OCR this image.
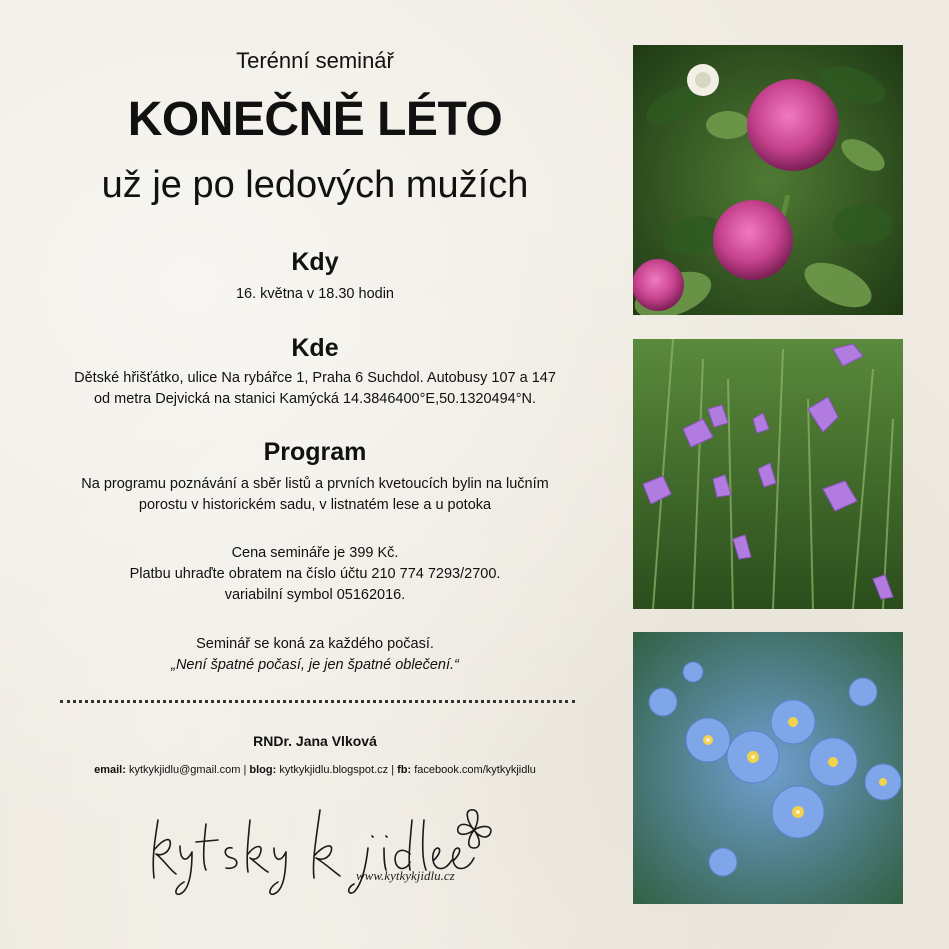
Terénní seminář
KONEČNĚ LÉTO
už je po ledových mužích
Kdy
16. května v 18.30 hodin
Kde
Dětské hřišťátko, ulice Na rybářce 1, Praha 6 Suchdol. Autobusy 107 a 147
od metra Dejvická na stanici Kamýcká 14.3846400°E,50.1320494°N.
Program
Na programu poznávání a sběr listů a prvních kvetoucích bylin na lučním
porostu v historickém sadu, v listnatém lese a u potoka
Cena semináře je 399 Kč.
Platbu uhraďte obratem na číslo účtu 210 774 7293/2700.
variabilní symbol 05162016.
Seminář se koná za každého počasí.
„Není špatné počasí, je jen špatné oblečení.“
RNDr. Jana Vlková
email: kytkykjidlu@gmail.com | blog: kytkykjidlu.blogspot.cz | fb: facebook.com/kytkykjidlu
www.kytkykjidlu.cz
